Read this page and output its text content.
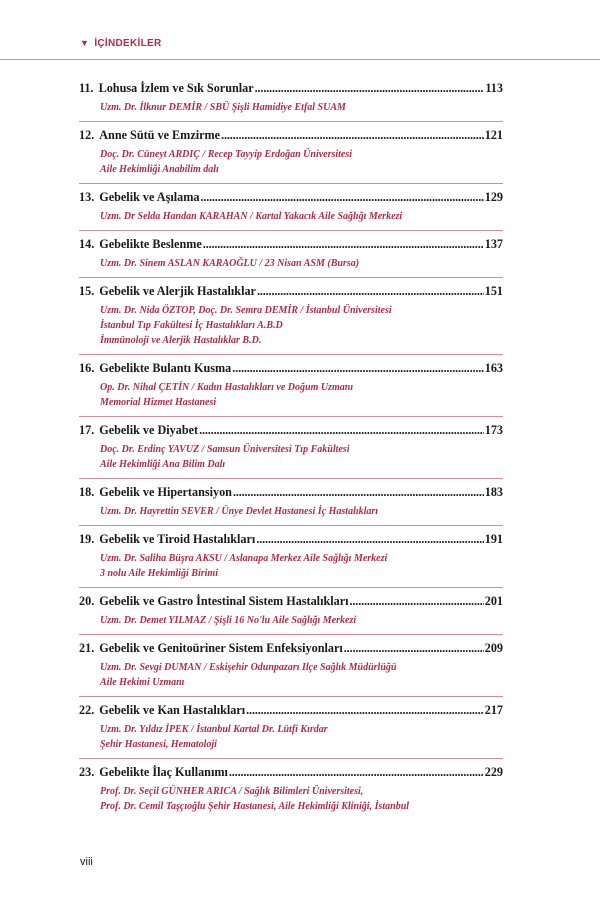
▼ İÇİNDEKİLER
11. Lohusa İzlem ve Sık Sorunlar . . .	113
Uzm. Dr. İlknur DEMİR / SBÜ Şişli Hamidiye Etfal SUAM
12. Anne Sütü ve Emzirme . . .	121
Doç. Dr. Cüneyt ARDIÇ / Recep Tayyip Erdoğan Üniversitesi
Aile Hekimliği Anabilim dalı
13. Gebelik ve Aşılama . . .	129
Uzm. Dr Selda Handan KARAHAN / Kartal Yakacık Aile Sağlığı Merkezi
14. Gebelikte Beslenme . . .	137
Uzm. Dr. Sinem ASLAN KARAOĞLU / 23 Nisan ASM (Bursa)
15. Gebelik ve Alerjik Hastalıklar . . .	151
Uzm. Dr. Nida ÖZTOP, Doç. Dr. Semra DEMİR / İstanbul Üniversitesi
İstanbul Tıp Fakültesi İç Hastalıkları A.B.D
İmmünoloji ve Alerjik Hastalıklar B.D.
16. Gebelikte Bulantı Kusma . . .	163
Op. Dr. Nihal ÇETİN / Kadın Hastalıkları ve Doğum Uzmanı
Memorial Hizmet Hastanesi
17. Gebelik ve Diyabet . . .	173
Doç. Dr. Erdinç YAVUZ / Samsun Üniversitesi Tıp Fakültesi
Aile Hekimliği Ana Bilim Dalı
18. Gebelik ve Hipertansiyon . . .	183
Uzm. Dr. Hayrettin SEVER / Ünye Devlet Hastanesi İç Hastalıkları
19. Gebelik ve Tiroid Hastalıkları . . .	191
Uzm. Dr. Saliha Büşra AKSU / Aslanapa Merkez Aile Sağlığı Merkezi
3 nolu Aile Hekimliği Birimi
20. Gebelik ve Gastro İntestinal Sistem Hastalıkları . . .	201
Uzm. Dr. Demet YILMAZ / Şişli 16 No'lu Aile Sağlığı Merkezi
21. Gebelik ve Genitoüriner Sistem Enfeksiyonları . . .	209
Uzm. Dr. Sevgi DUMAN / Eskişehir Odunpazarı Ilçe Sağlık Müdürlüğü
Aile Hekimi Uzmanı
22. Gebelik ve Kan Hastalıkları . . .	217
Uzm. Dr. Yıldız İPEK / İstanbul Kartal Dr. Lütfi Kırdar
Şehir Hastanesi, Hematoloji
23. Gebelikte İlaç Kullanımı . . .	229
Prof. Dr. Seçil GÜNHER ARICA / Sağlık Bilimleri Üniversitesi,
Prof. Dr. Cemil Taşçıoğlu Şehir Hastanesi, Aile Hekimliği Kliniği, İstanbul
viii
